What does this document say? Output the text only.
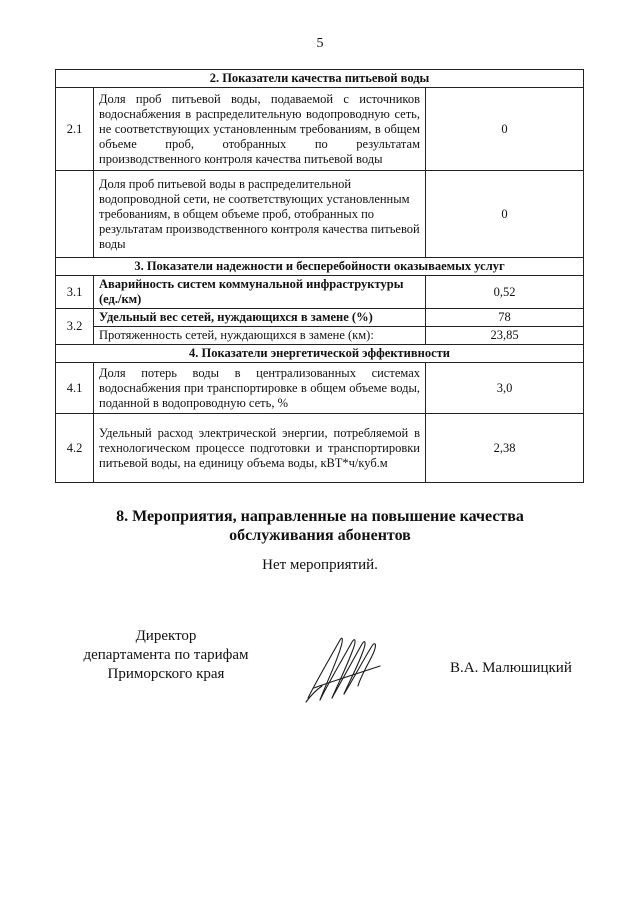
5
2. Показатели качества питьевой воды		
2.1	Доля проб питьевой воды, подаваемой с источников водоснабжения в распределительную водопроводную сеть, не соответствующих установленным требованиям, в общем объеме проб, отобранных по результатам производственного контроля качества питьевой воды	0
	Доля проб питьевой воды в распределительной водопроводной сети, не соответствующих установленным требованиям, в общем объеме проб, отобранных по результатам производственного контроля качества питьевой воды	0
3. Показатели надежности и бесперебойности оказываемых услуг		
3.1	Аварийность систем коммунальной инфраструктуры (ед./км)	0,52
3.2	Удельный вес сетей, нуждающихся в замене (%)	78
	Протяженность сетей, нуждающихся в замене (км):	23,85
4. Показатели энергетической эффективности		
4.1	Доля потерь воды в централизованных системах водоснабжения при транспортировке в общем объеме воды, поданной в водопроводную сеть, %	3,0
4.2	Удельный расход электрической энергии, потребляемой в технологическом процессе подготовки и транспортировки питьевой воды, на единицу объема воды, кВТ*ч/куб.м	2,38
8. Мероприятия, направленные на повышение качества
обслуживания абонентов
Нет мероприятий.
Директор
департамента по тарифам
Приморского края	В.А. Малюшицкий
